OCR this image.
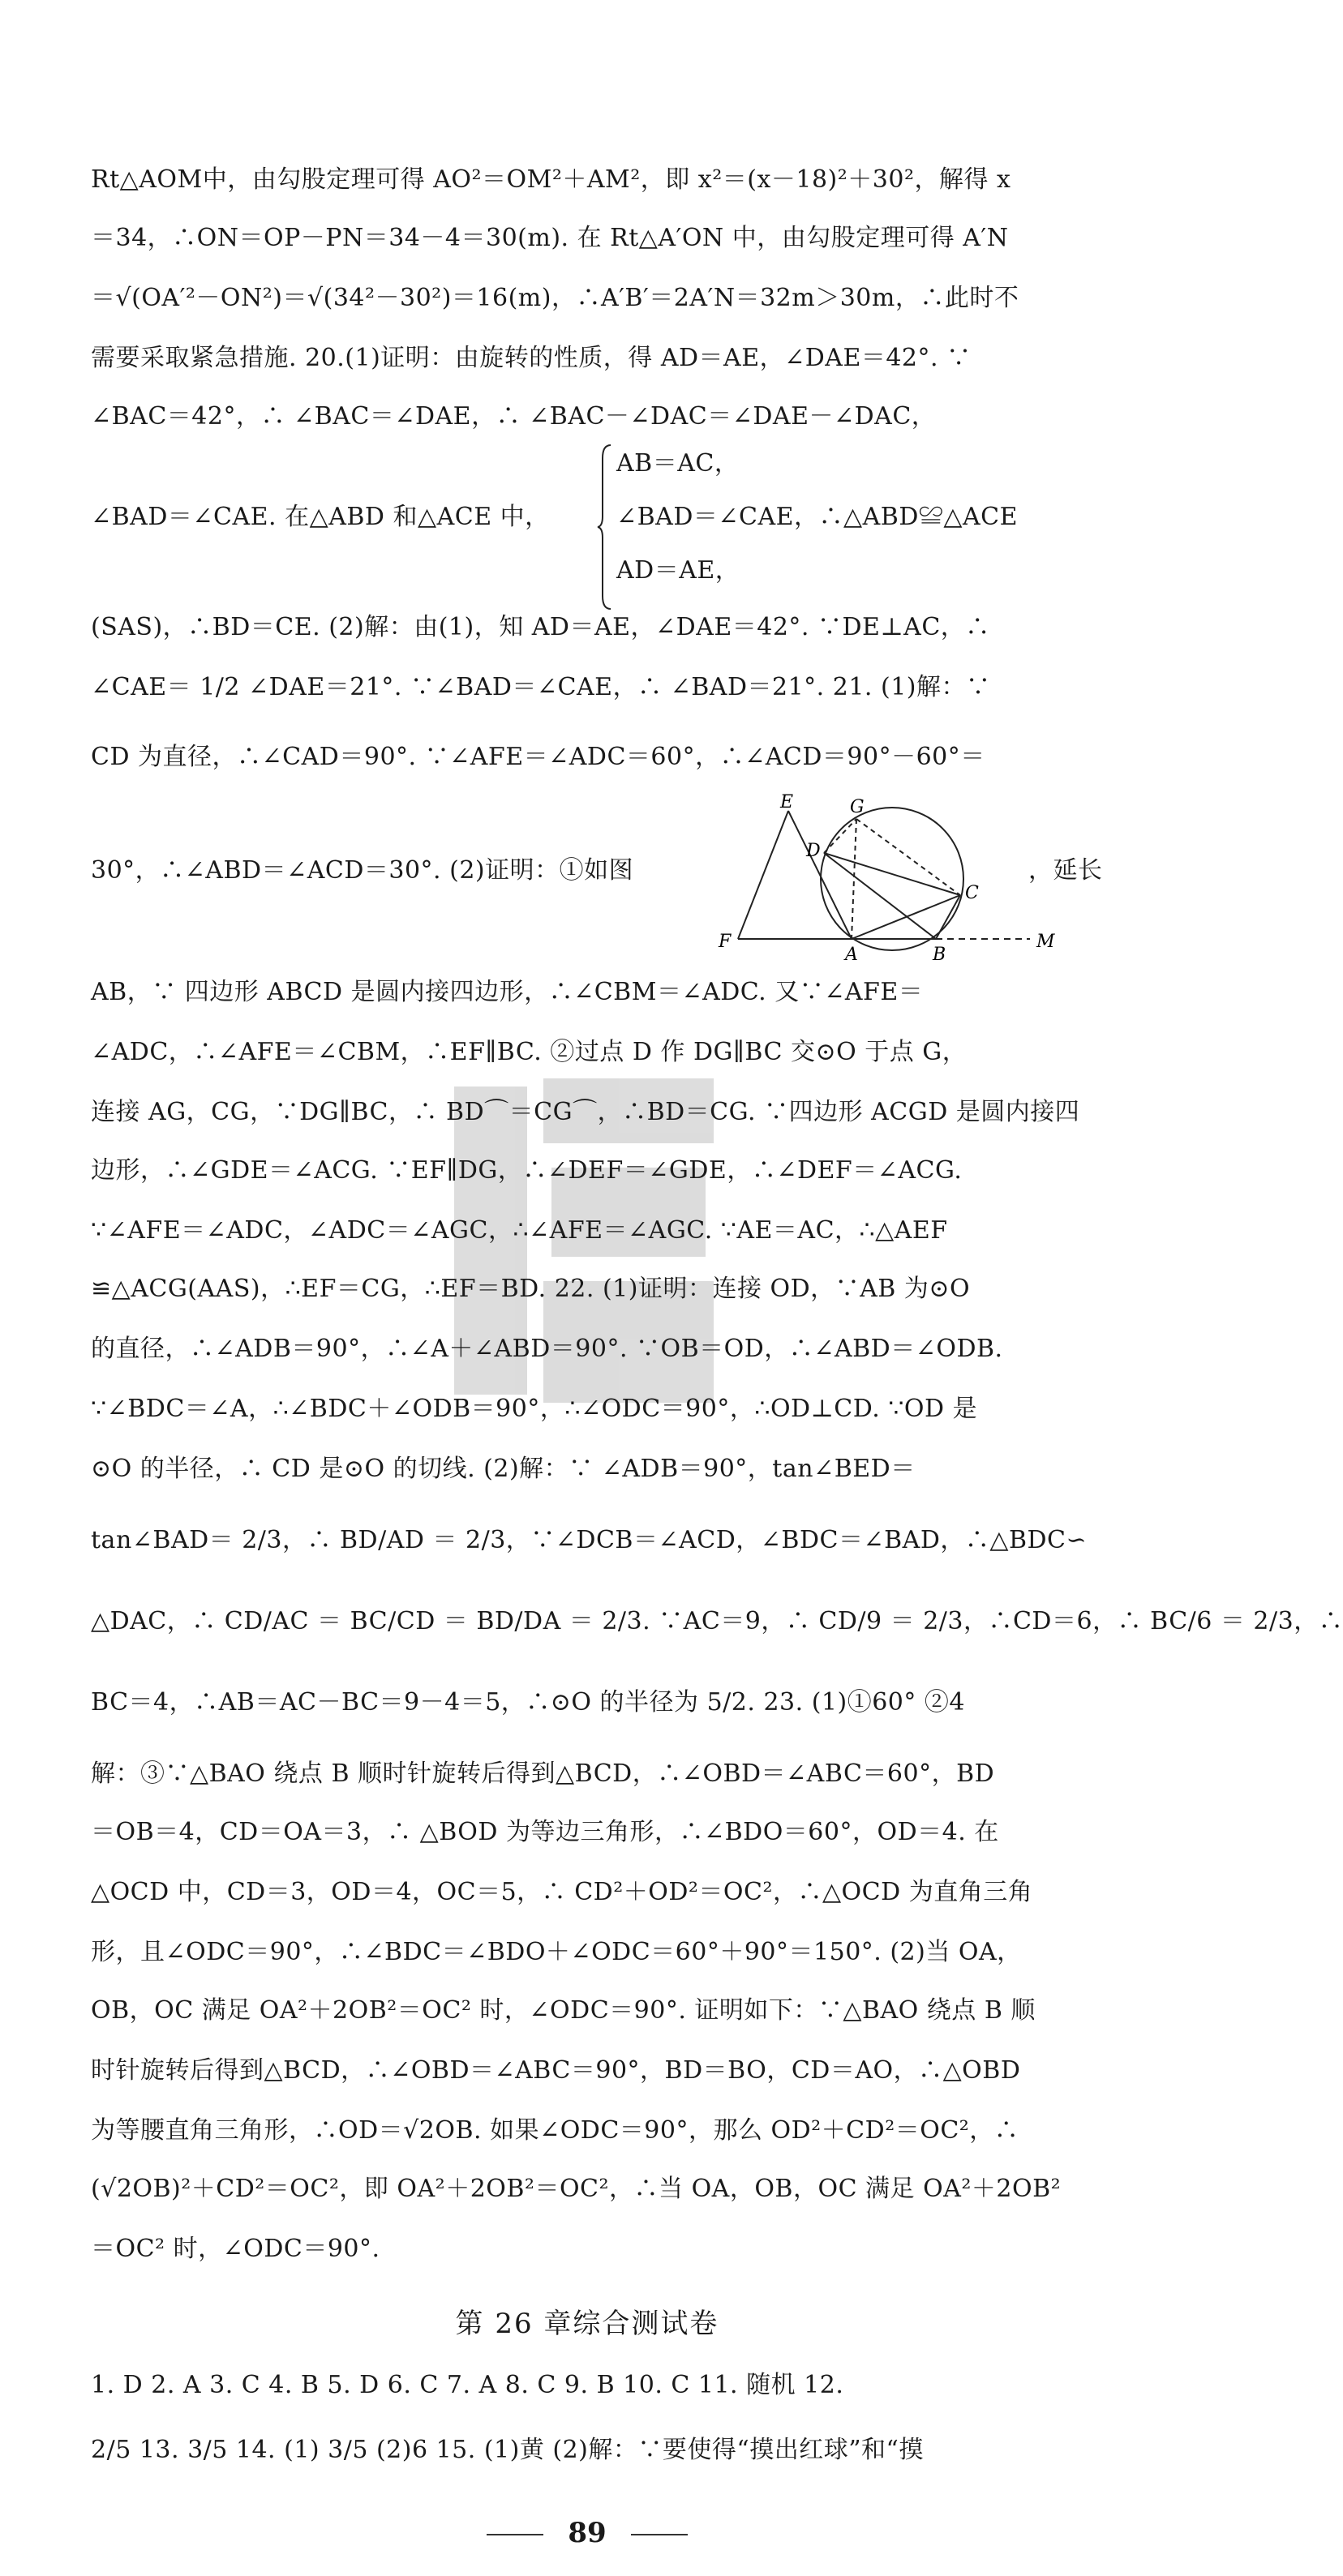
Rt△AOM中，由勾股定理可得 AO²＝OM²＋AM²，即 x²＝(x－18)²＋30²，解得 x
＝34，∴ON＝OP－PN＝34－4＝30(m). 在 Rt△A′ON 中，由勾股定理可得 A′N
＝√(OA′²－ON²)＝√(34²－30²)＝16(m)，∴A′B′＝2A′N＝32m＞30m，∴此时不
需要采取紧急措施. 20.(1)证明：由旋转的性质，得 AD＝AE，∠DAE＝42°. ∵
∠BAC＝42°，∴ ∠BAC＝∠DAE，∴ ∠BAC－∠DAC＝∠DAE－∠DAC，
AB＝AC，
∠BAD＝∠CAE. 在△ABD 和△ACE 中，	∠BAD＝∠CAE，∴△ABD≌△ACE
AD＝AE，
(SAS)，∴BD＝CE. (2)解：由(1)，知 AD＝AE，∠DAE＝42°. ∵DE⊥AC，∴
∠CAE＝ 1/2 ∠DAE＝21°. ∵∠BAD＝∠CAE，∴ ∠BAD＝21°. 21. (1)解：∵
CD 为直径，∴∠CAD＝90°. ∵∠AFE＝∠ADC＝60°，∴∠ACD＝90°－60°＝
30°，∴∠ABD＝∠ACD＝30°. (2)证明：①如图	，延长
E	G
D
C
F
A	B
M
AB，∵ 四边形 ABCD 是圆内接四边形，∴∠CBM＝∠ADC. 又∵∠AFE＝
∠ADC，∴∠AFE＝∠CBM，∴EF∥BC. ②过点 D 作 DG∥BC 交⊙O 于点 G，
连接 AG，CG，∵DG∥BC，∴ BD⌒＝CG⌒，∴BD＝CG. ∵四边形 ACGD 是圆内接四
边形，∴∠GDE＝∠ACG. ∵EF∥DG，∴∠DEF＝∠GDE，∴∠DEF＝∠ACG.
∵∠AFE＝∠ADC，∠ADC＝∠AGC，∴∠AFE＝∠AGC. ∵AE＝AC，∴△AEF
≌△ACG(AAS)，∴EF＝CG，∴EF＝BD. 22. (1)证明：连接 OD，∵AB 为⊙O
的直径，∴∠ADB＝90°，∴∠A＋∠ABD＝90°. ∵OB＝OD，∴∠ABD＝∠ODB.
∵∠BDC＝∠A，∴∠BDC＋∠ODB＝90°，∴∠ODC＝90°，∴OD⊥CD. ∵OD 是
⊙O 的半径，∴ CD 是⊙O 的切线. (2)解：∵ ∠ADB＝90°，tan∠BED＝
tan∠BAD＝ 2/3，∴ BD/AD ＝ 2/3，∵∠DCB＝∠ACD，∠BDC＝∠BAD，∴△BDC∽
△DAC，∴ CD/AC ＝ BC/CD ＝ BD/DA ＝ 2/3. ∵AC＝9，∴ CD/9 ＝ 2/3，∴CD＝6，∴ BC/6 ＝ 2/3，∴
BC＝4，∴AB＝AC－BC＝9－4＝5，∴⊙O 的半径为 5/2. 23. (1)①60° ②4
解：③∵△BAO 绕点 B 顺时针旋转后得到△BCD，∴∠OBD＝∠ABC＝60°，BD
＝OB＝4，CD＝OA＝3，∴ △BOD 为等边三角形，∴∠BDO＝60°，OD＝4. 在
△OCD 中，CD＝3，OD＝4，OC＝5，∴ CD²＋OD²＝OC²，∴△OCD 为直角三角
形，且∠ODC＝90°，∴∠BDC＝∠BDO＋∠ODC＝60°＋90°＝150°. (2)当 OA，
OB，OC 满足 OA²＋2OB²＝OC² 时，∠ODC＝90°. 证明如下：∵△BAO 绕点 B 顺
时针旋转后得到△BCD，∴∠OBD＝∠ABC＝90°，BD＝BO，CD＝AO，∴△OBD
为等腰直角三角形，∴OD＝√2OB. 如果∠ODC＝90°，那么 OD²＋CD²＝OC²，∴
(√2OB)²＋CD²＝OC²，即 OA²＋2OB²＝OC²，∴当 OA，OB，OC 满足 OA²＋2OB²
＝OC² 时，∠ODC＝90°.
第 26 章综合测试卷
1. D 2. A 3. C 4. B 5. D 6. C 7. A 8. C 9. B 10. C 11. 随机 12.
2/5 13. 3/5 14. (1) 3/5 (2)6 15. (1)黄 (2)解：∵要使得“摸出红球”和“摸
89
